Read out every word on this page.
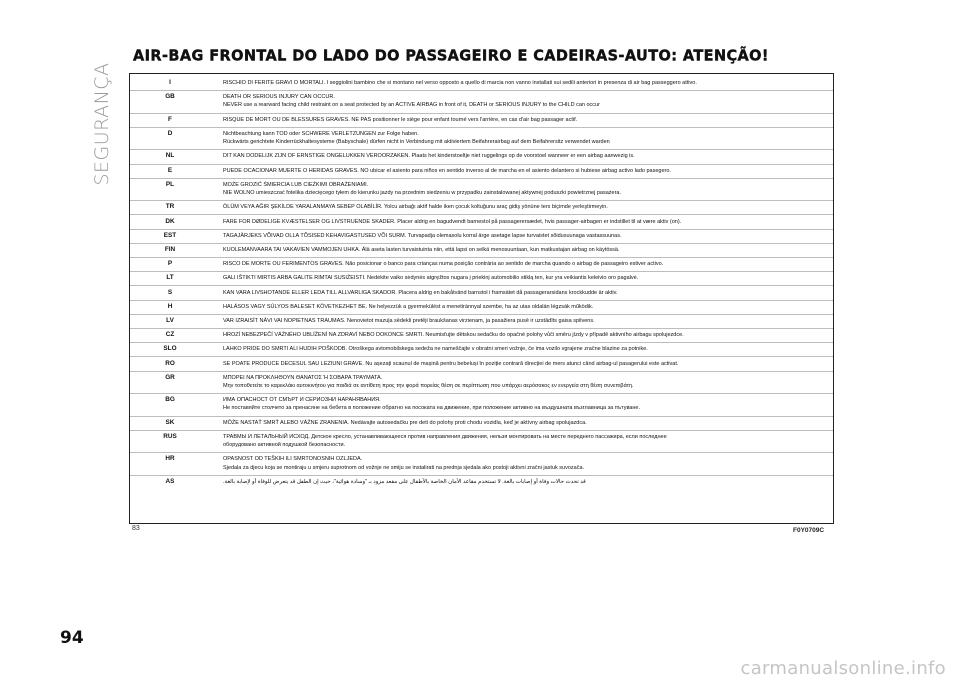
SEGURANÇA
AIR-BAG FRONTAL DO LADO DO PASSAGEIRO E CADEIRAS-AUTO: ATENÇÃO!
I	RISCHIO DI FERITE GRAVI O MORTALI. I seggiolini bambino che si montano nel verso opposto a quello di marcia non vanno installati sui sedili anteriori in presenza di air bag passeggero attivo.
GB	DEATH OR SERIOUS INJURY CAN OCCUR.
NEVER use a rearward facing child restraint on a seat protected by an ACTIVE AIRBAG in front of it, DEATH or SERIOUS INJURY to the CHILD can occur
F	RISQUE DE MORT OU DE BLESSURES GRAVES. NE PAS positionner le siège pour enfant tourné vers l'arrière, en cas d'air bag passager actif.
D	Nichtbeachtung kann TOD oder SCHWERE VERLETZUNGEN zur Folge haben.
Rückwärts gerichtete Kinderrückhaltesysteme (Babyschale) dürfen nicht in Verbindung mit aktiviertem Beifahrerairbag auf dem Beifahrersitz verwendet warden
NL	DIT KAN DODELIJK ZIJN OF ERNSTIGE ONGELUKKEN VEROORZAKEN. Plaats het kinderstoeltje niet ruggelings op de voorstoel wanneer er een airbag aanwezig is.
E	PUEDE OCACIONAR MUERTE O HERIDAS GRAVES. NO ubicar el asiento para niños en sentido inverso al de marcha en el asiento delantero si hubiese airbag activo lado pasegero.
PL	MOŻE GROZIĆ ŚMIERCIA LUB CIEŻKIMI OBRAŻENIAMI.
NIE WOLNO umieszczać fotelika dziecięcego tyłem do kierunku jazdy na przednim siedzeniu w przypadku zainstalowanej aktywnej poduszki powietrznej pasażera.
TR	ÖLÜM VEYA AĞIR ŞEKİLDE YARALANMAYA SEBEP OLABİLİR. Yolcu airbağı aktif halde iken çocuk koltuğunu araç gidiş yönüne ters biçimde yerleştirmeyin.
DK	FARE FOR DØDELIGE KVÆSTELSER OG LIVSTRUENDE SKADER. Placer aldrig en bagudvendt barnestol på passagerersædet, hvis passager-airbagen er indstillet til at være aktiv (on).
EST	TAGAJÄRJEKS VÕIVAD OLLA TÕSISED KEHAVIGASTUSED VÕI SURM. Turvapadja olemasolu korral ärge asetage lapse turvaistet sõidusuunaga vastassuunas.
FIN	KUOLEMANVAARA TAI VAKAVIEN VAMMOJEN UHKA. Älä aseta lasten turvaistuinta niin, että lapsi on selkä menosuuntaan, kun matkustajan airbag on käytössä.
P	RISCO DE MORTE OU FERIMENTOS GRAVES. Não posicionar o banco para crianças numa posição contrária ao sentido de marcha quando o airbag de passageiro estiver activo.
LT	GALI IŠTIKTI MIRTIS ARBA GALITE RIMTAI SUSIŽEISTI. Nedėkite vaiko sėdynės atgręžtos nugara į priekinį automobilio stiklą ten, kur yra veikiantis keleivio oro pagalvė.
S	KAN VARA LIVSHOTANDE ELLER LEDA TILL ALLVARLIGA SKADOR. Placera aldrig en bakåtvänd barnstol i framsätet då passagerarsidans krockkudde är aktiv.
H	HALÁSOS VAGY SÚLYOS BALESET KÖVETKEZHET BE. Ne helyezzük a gyermekülést a menetiránnyal szembe, ha az utas oldalán légzsák működik.
LV	VAR IZRAISĪT NĀVI VAI NOPIETNAS TRAUMAS. Nenovietot mazuļa sēdekli pretēji braukšanas virzienam, ja pasažiera pusē ir uzstādīts gaisa spilvens.
CZ	HROZÍ NEBEZPEČÍ VÁŽNÉHO UBLÍŽENÍ NA ZDRAVÍ NEBO DOKONCE SMRTI. Neumisťujte dětskou sedačku do opačné polohy vůči směru jízdy v případě aktivního airbagu spolujezdce.
SLO	LAHKO PRIDE DO SMRTI ALI HUDIH POŠKODB. Otroškega avtomobilskega sedeža ne nameščajte v obratni smeri vožnje, če ima vozilo vgrajene zračne blazine za potnike.
RO	SE POATE PRODUCE DECESUL SAU LEZIUNI GRAVE. Nu așezați scaunul de mașină pentru bebeluși în poziție contrară direcției de mers atunci când airbag-ul pasagerului este activat.
GR	ΜΠΟΡΕΙ ΝΑ ΠΡΟΚΛΗΘΟΥΝ ΘΑΝΑΤΟΣ Ή ΣΟΒΑΡΑ ΤΡΑΥΜΑΤΑ.
Μην τοποθετείτε το καρεκλάκι αυτοκινήτου για παιδιά σε αντίθετη προς την φορά πορείας θέση σε περίπτωση που υπάρχει αερόσακος εν ενεργεία στη θέση συνεπιβάτη.
BG	ИМА ОПАСНОСТ ОТ СМЪРТ И СЕРИОЗНИ НАРАНЯВАНИЯ.
Не поставяйте столчето за пренасяне на бебета в положение обратно на посоката на движение, при положение активно на въздушната възглавница за пътуване.
SK	MÔŽE NASTAŤ SMRŤ ALEBO VÁŽNE ZRANENIA. Nedávajte autosedačku pre deti do polohy proti chodu vozidla, keď je aktívny airbag spolujazdca.
RUS	ТРАВМЫ И ЛЕТАЛЬНЫЙ ИСХОД. Детское кресло, устанавливающееся против направления движения, нельзя монтировать на месте переднего пассажира, если последнее
оборудовано активной подушкой безопасности.
HR	OPASNOST OD TEŠKIH ILI SMRTONOSNIH OZLJEDA.
Sjedala za djecu koja se montiraju u smjeru suprotnom od vožnje ne smiju se instalirati na prednja sjedala ako postoji aktivni zračni jastuk suvozača.
AS	قد تحدث حالات وفاة أو إصابات بالغة. لا تستخدم مقاعد الأمان الخاصة بالأطفال على مقعد مزود بـ "وسادة هوائية"، حيث إن الطفل قد يتعرض للوفاة أو لإصابة بالغة.
83	F0Y0709C
94
carmanualsonline.info
